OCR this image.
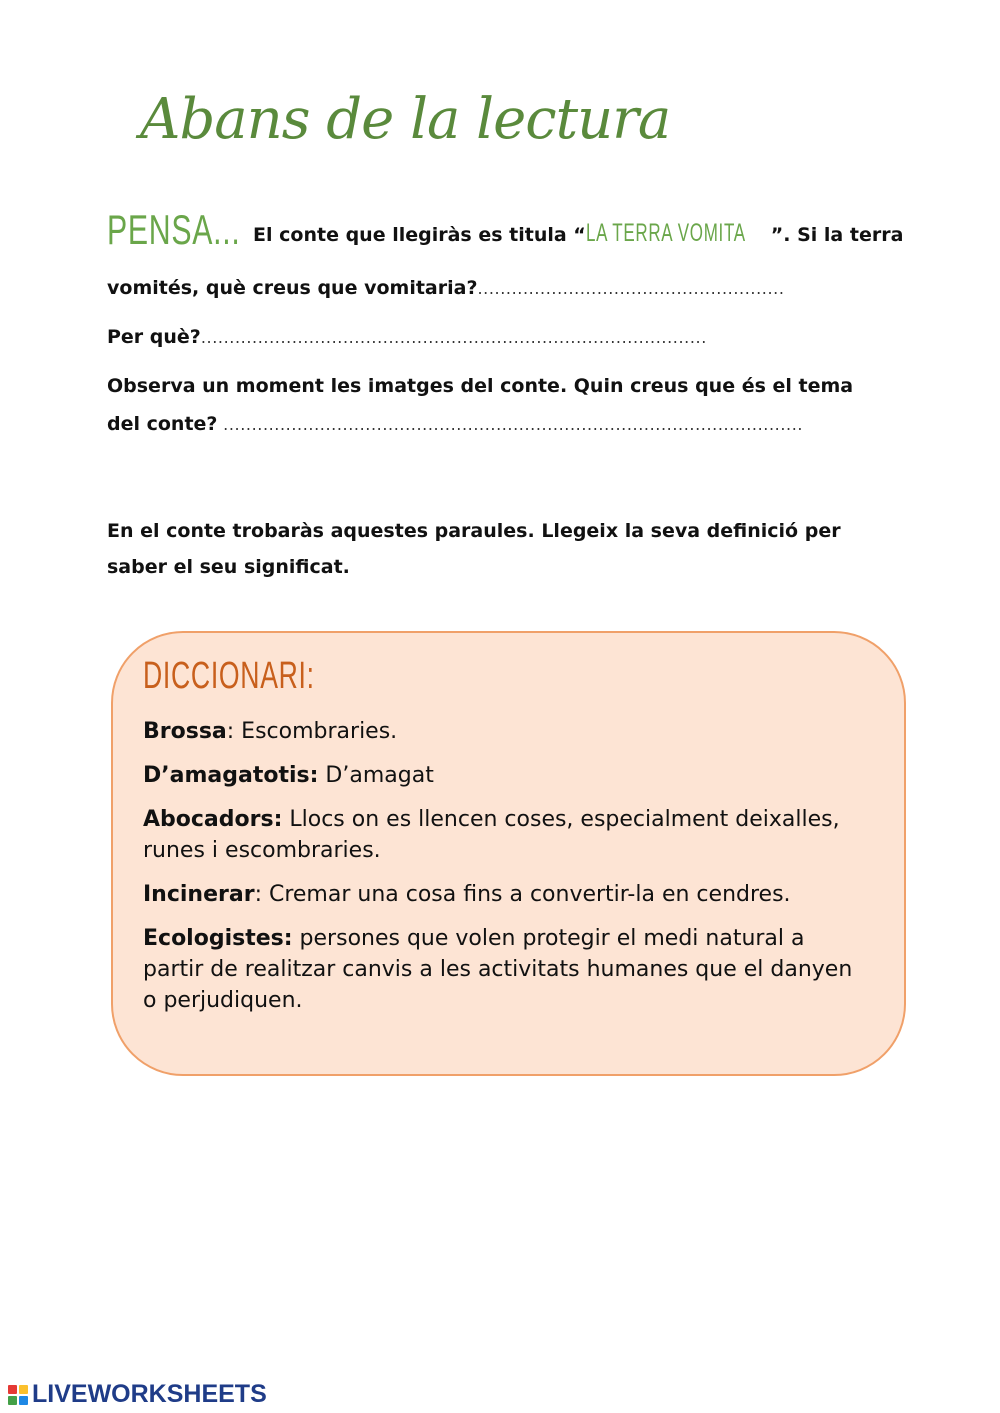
Abans de la lectura
PENSA... El conte que llegiràs es titula “LA TERRA VOMITA ”. Si la terra
vomités, què creus que vomitaria?......................................................
Per què?.........................................................................................
Observa un moment les imatges del conte. Quin creus que és el tema
del conte? ......................................................................................................
En el conte trobaràs aquestes paraules. Llegeix la seva definició per
saber el seu significat.
DICCIONARI:
Brossa: Escombraries.
D’amagatotis: D’amagat
Abocadors: Llocs on es llencen coses, especialment deixalles, runes i escombraries.
Incinerar: Cremar una cosa fins a convertir-la en cendres.
Ecologistes: persones que volen protegir el medi natural a partir de realitzar canvis a les activitats humanes que el danyen o perjudiquen.
LIVEWORKSHEETS
